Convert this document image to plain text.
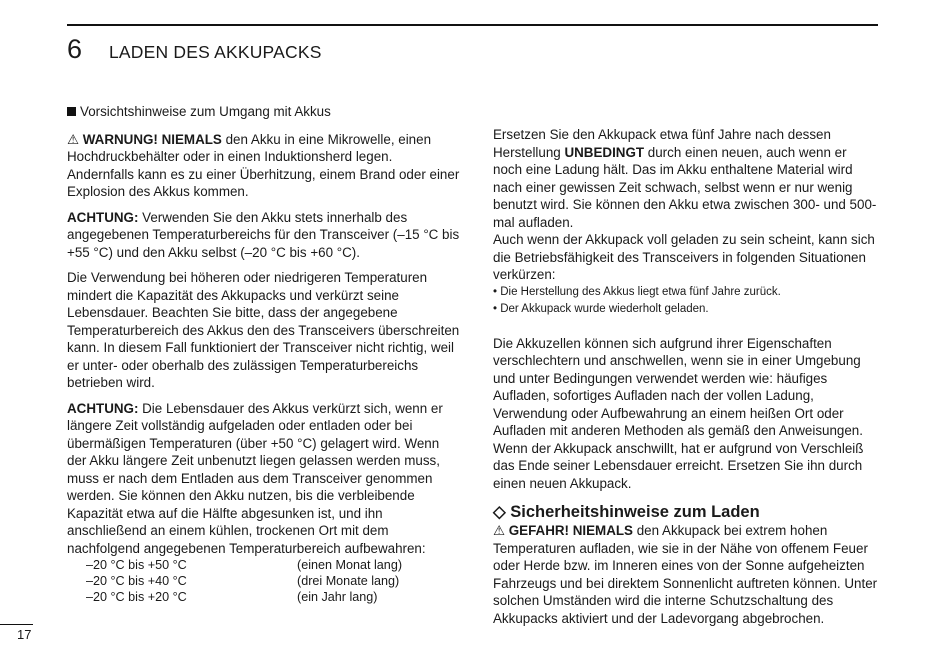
6 LADEN DES AKKUPACKS

Vorsichtshinweise zum Umgang mit Akkus

⚠ WARNUNG! NIEMALS den Akku in eine Mikrowelle, einen Hochdruckbehälter oder in einen Induktionsherd legen. Andernfalls kann es zu einer Überhitzung, einem Brand oder einer Explosion des Akkus kommen.

ACHTUNG: Verwenden Sie den Akku stets innerhalb des angegebenen Temperaturbereichs für den Transceiver (–15 °C bis +55 °C) und den Akku selbst (–20 °C bis +60 °C).

Die Verwendung bei höheren oder niedrigeren Temperaturen mindert die Kapazität des Akkupacks und verkürzt seine Lebensdauer. Beachten Sie bitte, dass der angegebene Temperaturbereich des Akkus den des Transceivers überschreiten kann. In diesem Fall funktioniert der Transceiver nicht richtig, weil er unter- oder oberhalb des zulässigen Temperaturbereichs betrieben wird.

ACHTUNG: Die Lebensdauer des Akkus verkürzt sich, wenn er längere Zeit vollständig aufgeladen oder entladen oder bei übermäßigen Temperaturen (über +50 °C) gelagert wird. Wenn der Akku längere Zeit unbenutzt liegen gelassen werden muss, muss er nach dem Entladen aus dem Transceiver genommen werden. Sie können den Akku nutzen, bis die verbleibende Kapazität etwa auf die Hälfte abgesunken ist, und ihn anschließend an einem kühlen, trockenen Ort mit dem nachfolgend angegebenen Temperaturbereich aufbewahren:

–20 °C bis +50 °C	(einen Monat lang)
–20 °C bis +40 °C	(drei Monate lang)
–20 °C bis +20 °C	(ein Jahr lang)

Ersetzen Sie den Akkupack etwa fünf Jahre nach dessen Herstellung UNBEDINGT durch einen neuen, auch wenn er noch eine Ladung hält. Das im Akku enthaltene Material wird nach einer gewissen Zeit schwach, selbst wenn er nur wenig benutzt wird. Sie können den Akku etwa zwischen 300- und 500-mal aufladen.

Auch wenn der Akkupack voll geladen zu sein scheint, kann sich die Betriebsfähigkeit des Transceivers in folgenden Situationen verkürzen:

• Die Herstellung des Akkus liegt etwa fünf Jahre zurück.
• Der Akkupack wurde wiederholt geladen.

Die Akkuzellen können sich aufgrund ihrer Eigenschaften verschlechtern und anschwellen, wenn sie in einer Umgebung und unter Bedingungen verwendet werden wie: häufiges Aufladen, sofortiges Aufladen nach der vollen Ladung, Verwendung oder Aufbewahrung an einem heißen Ort oder Aufladen mit anderen Methoden als gemäß den Anweisungen. Wenn der Akkupack anschwillt, hat er aufgrund von Verschleiß das Ende seiner Lebensdauer erreicht. Ersetzen Sie ihn durch einen neuen Akkupack.

◇ Sicherheitshinweise zum Laden

⚠ GEFAHR! NIEMALS den Akkupack bei extrem hohen Temperaturen aufladen, wie sie in der Nähe von offenem Feuer oder Herde bzw. im Inneren eines von der Sonne aufgeheizten Fahrzeugs und bei direktem Sonnenlicht auftreten können. Unter solchen Umständen wird die interne Schutzschaltung des Akkupacks aktiviert und der Ladevorgang abgebrochen.

17
